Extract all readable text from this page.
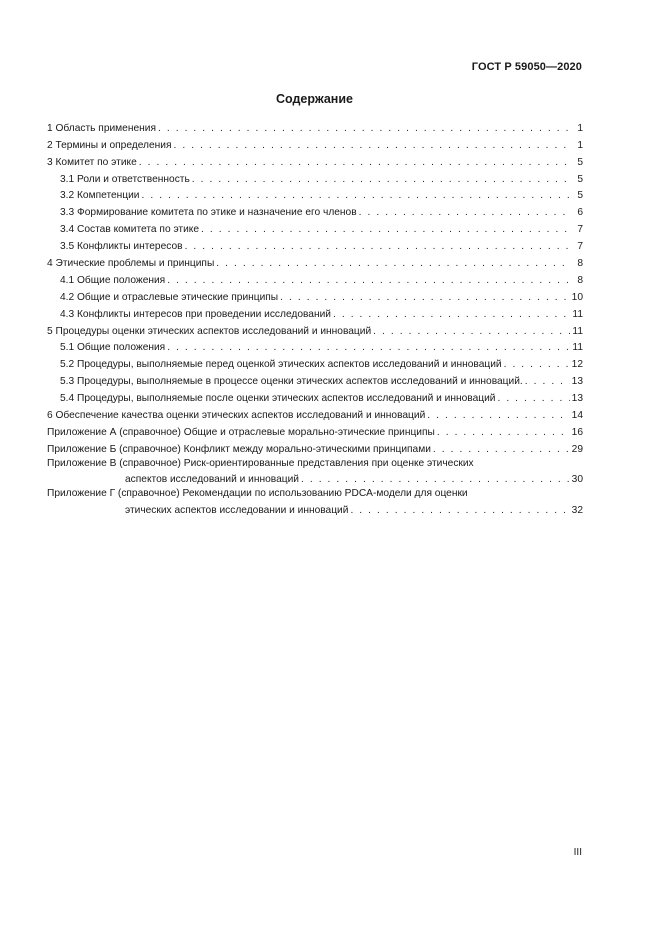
ГОСТ Р 59050—2020
Содержание
1 Область применения . . .	1
2 Термины и определения . . .	1
3 Комитет по этике . . .	5
3.1 Роли и ответственность . . .	5
3.2 Компетенции . . .	5
3.3 Формирование комитета по этике и назначение его членов . . .	6
3.4 Состав комитета по этике . . .	7
3.5 Конфликты интересов . . .	7
4 Этические проблемы и принципы . . .	8
4.1 Общие положения . . .	8
4.2 Общие и отраслевые этические принципы . . .	10
4.3 Конфликты интересов при проведении исследований . . .	11
5 Процедуры оценки этических аспектов исследований и инноваций . . .	11
5.1 Общие положения . . .	11
5.2 Процедуры, выполняемые перед оценкой этических аспектов исследований и инноваций . . .	12
5.3 Процедуры, выполняемые в процессе оценки этических аспектов исследований и инноваций. . . .	13
5.4 Процедуры, выполняемые после оценки этических аспектов исследований и инноваций . . .	13
6 Обеспечение качества оценки этических аспектов исследований и инноваций . . .	14
Приложение А (справочное) Общие и отраслевые морально-этические принципы . . .	16
Приложение Б (справочное) Конфликт между морально-этическими принципами . . .	29
Приложение В (справочное) Риск-ориентированные представления при оценке этических
аспектов исследований и инноваций . . .	30
Приложение Г (справочное) Рекомендации по использованию PDCA-модели для оценки
этических аспектов исследовании и инноваций . . .	32
III
